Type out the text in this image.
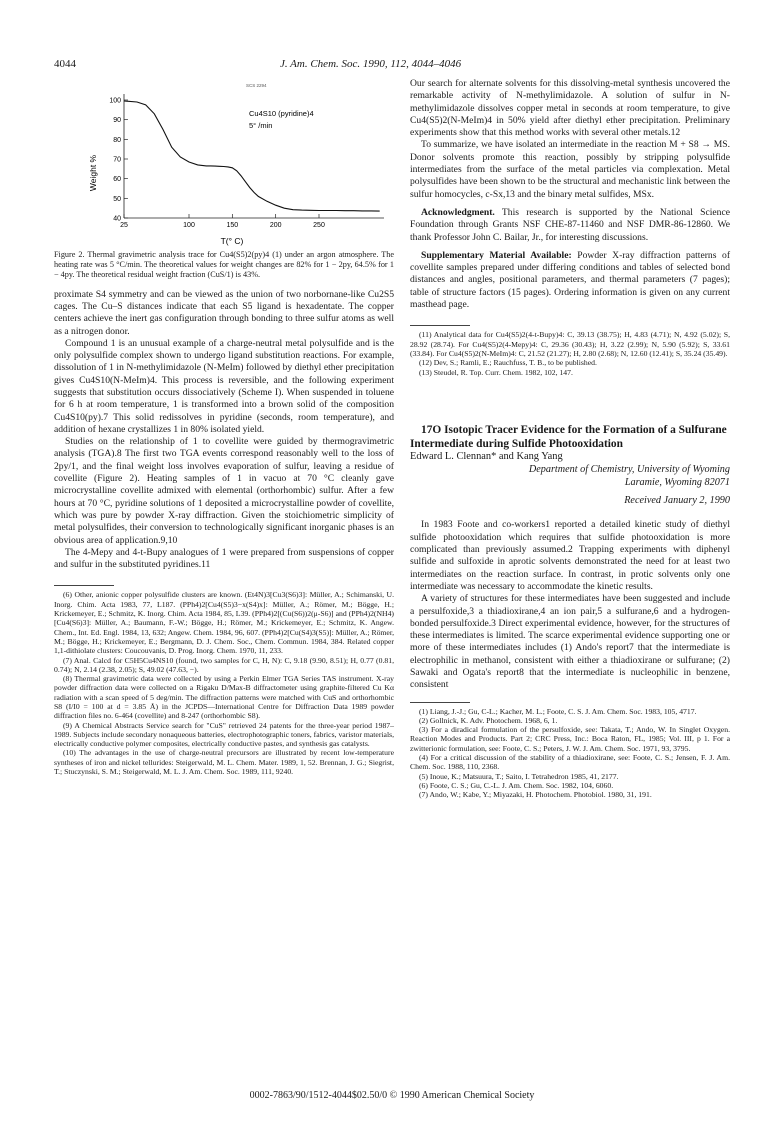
4044	J. Am. Chem. Soc. 1990, 112, 4044–4046
40
50
60
70
80
90
100
25	100	150	200	250
SCS 2294
Cu4S10 (pyridine)4
5° /min
Weight %
T(° C)
Figure 2. Thermal gravimetric analysis trace for Cu4(S5)2(py)4 (1) under an argon atmosphere. The heating rate was 5 °C/min. The theoretical values for weight changes are 82% for 1 − 2py, 64.5% for 1 − 4py. The theoretical residual weight fraction (CuS/1) is 43%.

proximate S4 symmetry and can be viewed as the union of two norbornane-like Cu2S5 cages. The Cu–S distances indicate that each S5 ligand is hexadentate. The copper centers achieve the inert gas configuration through bonding to three sulfur atoms as well as a nitrogen donor.

Compound 1 is an unusual example of a charge-neutral metal polysulfide and is the only polysulfide complex shown to undergo ligand substitution reactions. For example, dissolution of 1 in N-methylimidazole (N-MeIm) followed by diethyl ether precipitation gives Cu4S10(N-MeIm)4. This process is reversible, and the following experiment suggests that substitution occurs dissociatively (Scheme I). When suspended in toluene for 6 h at room temperature, 1 is transformed into a brown solid of the composition Cu4S10(py).7 This solid redissolves in pyridine (seconds, room temperature), and addition of hexane crystallizes 1 in 80% isolated yield.

Studies on the relationship of 1 to covellite were guided by thermogravimetric analysis (TGA).8 The first two TGA events correspond reasonably well to the loss of 2py/1, and the final weight loss involves evaporation of sulfur, leaving a residue of covellite (Figure 2). Heating samples of 1 in vacuo at 70 °C cleanly gave microcrystalline covellite admixed with elemental (orthorhombic) sulfur. After a few hours at 70 °C, pyridine solutions of 1 deposited a microcrystalline powder of covellite, which was pure by powder X-ray diffraction. Given the stoichiometric simplicity of metal polysulfides, their conversion to technologically significant inorganic phases is an obvious area of application.9,10

The 4-Mepy and 4-t-Bupy analogues of 1 were prepared from suspensions of copper and sulfur in the substituted pyridines.11

(6) Other, anionic copper polysulfide clusters are known. (Et4N)3[Cu3(S6)3]: Müller, A.; Schimanski, U. Inorg. Chim. Acta 1983, 77, L187. (PPh4)2[Cu4(S5)3−x(S4)x]: Müller, A.; Römer, M.; Bögge, H.; Krickemeyer, E.; Schmitz, K. Inorg. Chim. Acta 1984, 85, L39. (PPh4)2[(Cu(S6))2(μ-S6)] and (PPh4)2(NH4)[Cu4(S6)3]: Müller, A.; Baumann, F.-W.; Bögge, H.; Römer, M.; Krickemeyer, E.; Schmitz, K. Angew. Chem., Int. Ed. Engl. 1984, 13, 632; Angew. Chem. 1984, 96, 607. (PPh4)2[Cu(S4)3(S5)]: Müller, A.; Römer, M.; Bögge, H.; Krickemeyer, E.; Bergmann, D. J. Chem. Soc., Chem. Commun. 1984, 384. Related copper 1,1-dithiolate clusters: Coucouvanis, D. Prog. Inorg. Chem. 1970, 11, 233.

(7) Anal. Calcd for C5H5Cu4NS10 (found, two samples for C, H, N): C, 9.18 (9.90, 8.51); H, 0.77 (0.81, 0.74); N, 2.14 (2.38, 2.05); S, 49.02 (47.63, −).

(8) Thermal gravimetric data were collected by using a Perkin Elmer TGA Series TAS instrument. X-ray powder diffraction data were collected on a Rigaku D/Max-B diffractometer using graphite-filtered Cu Kα radiation with a scan speed of 5 deg/min. The diffraction patterns were matched with CuS and orthorhombic S8 (I/I0 = 100 at d = 3.85 Å) in the JCPDS—International Centre for Diffraction Data 1989 powder diffraction files no. 6-464 (covellite) and 8-247 (orthorhombic S8).

(9) A Chemical Abstracts Service search for "CuS" retrieved 24 patents for the three-year period 1987–1989. Subjects include secondary nonaqueous batteries, electrophotographic toners, fabrics, varistor materials, electrically conductive polymer composites, electrically conductive pastes, and synthesis gas catalysts.

(10) The advantages in the use of charge-neutral precursors are illustrated by recent low-temperature syntheses of iron and nickel tellurides: Steigerwald, M. L. Chem. Mater. 1989, 1, 52. Brennan, J. G.; Siegrist, T.; Stuczynski, S. M.; Steigerwald, M. L. J. Am. Chem. Soc. 1989, 111, 9240.

Our search for alternate solvents for this dissolving-metal synthesis uncovered the remarkable activity of N-methylimidazole. A solution of sulfur in N-methylimidazole dissolves copper metal in seconds at room temperature, to give Cu4(S5)2(N-MeIm)4 in 50% yield after diethyl ether precipitation. Preliminary experiments show that this method works with several other metals.12

To summarize, we have isolated an intermediate in the reaction M + S8 → MS. Donor solvents promote this reaction, possibly by stripping polysulfide intermediates from the surface of the metal particles via complexation. Metal polysulfides have been shown to be the structural and mechanistic link between the sulfur homocycles, c-Sx,13 and the binary metal sulfides, MSx.

Acknowledgment. This research is supported by the National Science Foundation through Grants NSF CHE-87-11460 and NSF DMR-86-12860. We thank Professor John C. Bailar, Jr., for interesting discussions.

Supplementary Material Available: Powder X-ray diffraction patterns of covellite samples prepared under differing conditions and tables of selected bond distances and angles, positional parameters, and thermal parameters (7 pages); table of structure factors (15 pages). Ordering information is given on any current masthead page.

(11) Analytical data for Cu4(S5)2(4-t-Bupy)4: C, 39.13 (38.75); H, 4.83 (4.71); N, 4.92 (5.02); S, 28.92 (28.74). For Cu4(S5)2(4-Mepy)4: C, 29.36 (30.43); H, 3.22 (2.99); N, 5.90 (5.92); S, 33.61 (33.84). For Cu4(S5)2(N-MeIm)4: C, 21.52 (21.27); H, 2.80 (2.68); N, 12.60 (12.41); S, 35.24 (35.49).

(12) Dev, S.; Ramli, E.; Rauchfuss, T. B., to be published.

(13) Steudel, R. Top. Curr. Chem. 1982, 102, 147.

17O Isotopic Tracer Evidence for the Formation of a Sulfurane Intermediate during Sulfide Photooxidation

Edward L. Clennan* and Kang Yang

Department of Chemistry, University of Wyoming
Laramie, Wyoming 82071
Received January 2, 1990

In 1983 Foote and co-workers1 reported a detailed kinetic study of diethyl sulfide photooxidation which requires that sulfide photooxidation is more complicated than previously assumed.2 Trapping experiments with diphenyl sulfide and sulfoxide in aprotic solvents demonstrated the need for at least two intermediates on the reaction surface. In contrast, in protic solvents only one intermediate was necessary to accommodate the kinetic results.

A variety of structures for these intermediates have been suggested and include a persulfoxide,3 a thiadioxirane,4 an ion pair,5 a sulfurane,6 and a hydrogen-bonded persulfoxide.3 Direct experimental evidence, however, for the structures of these intermediates is limited. The scarce experimental evidence supporting one or more of these intermediates includes (1) Ando's report7 that the intermediate is electrophilic in methanol, consistent with either a thiadioxirane or sulfurane; (2) Sawaki and Ogata's report8 that the intermediate is nucleophilic in benzene, consistent

(1) Liang, J.-J.; Gu, C-L.; Kacher, M. L.; Foote, C. S. J. Am. Chem. Soc. 1983, 105, 4717.

(2) Gollnick, K. Adv. Photochem. 1968, 6, 1.

(3) For a diradical formulation of the persulfoxide, see: Takata, T.; Ando, W. In Singlet Oxygen. Reaction Modes and Products. Part 2; CRC Press, Inc.: Boca Raton, FL, 1985; Vol. III, p 1. For a zwitterionic formulation, see: Foote, C. S.; Peters, J. W. J. Am. Chem. Soc. 1971, 93, 3795.

(4) For a critical discussion of the stability of a thiadioxirane, see: Foote, C. S.; Jensen, F. J. Am. Chem. Soc. 1988, 110, 2368.

(5) Inoue, K.; Matsuura, T.; Saito, I. Tetrahedron 1985, 41, 2177.

(6) Foote, C. S.; Gu, C.-L. J. Am. Chem. Soc. 1982, 104, 6060.

(7) Ando, W.; Kabe, Y.; Miyazaki, H. Photochem. Photobiol. 1980, 31, 191.

0002-7863/90/1512-4044$02.50/0 © 1990 American Chemical Society
